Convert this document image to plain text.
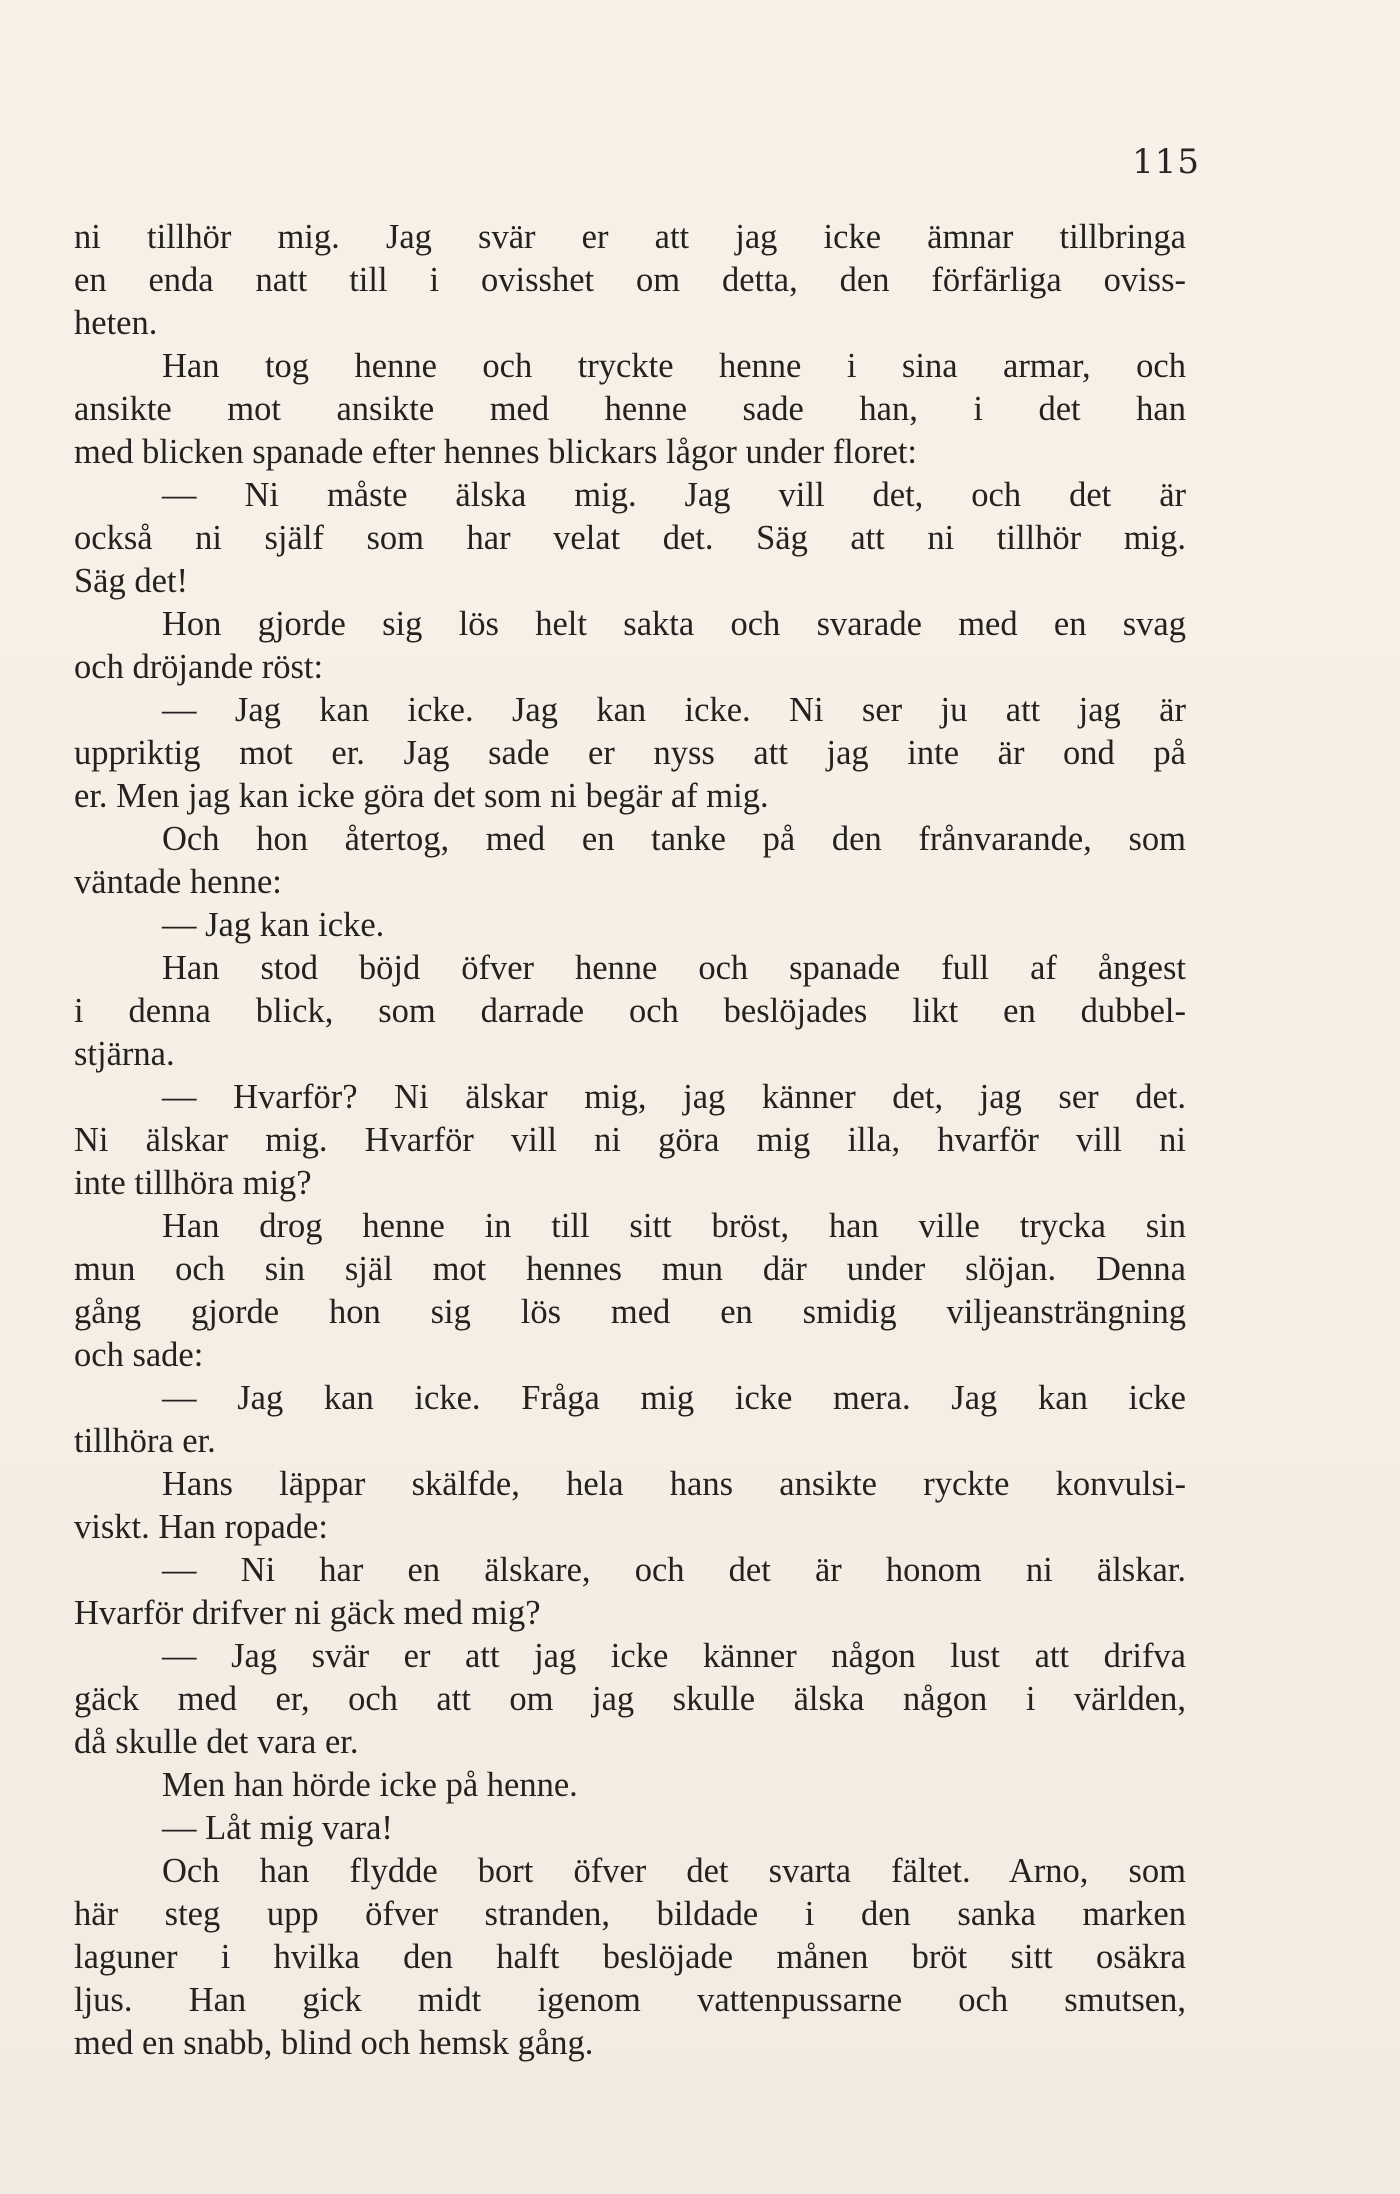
115
ni tillhör mig. Jag svär er att jag icke ämnar tillbringa
en enda natt till i ovisshet om detta, den förfärliga oviss-
heten.
Han tog henne och tryckte henne i sina armar, och
ansikte mot ansikte med henne sade han, i det han
med blicken spanade efter hennes blickars lågor under floret:
— Ni måste älska mig. Jag vill det, och det är
också ni själf som har velat det. Säg att ni tillhör mig.
Säg det!
Hon gjorde sig lös helt sakta och svarade med en svag
och dröjande röst:
— Jag kan icke. Jag kan icke. Ni ser ju att jag är
uppriktig mot er. Jag sade er nyss att jag inte är ond på
er. Men jag kan icke göra det som ni begär af mig.
Och hon återtog, med en tanke på den frånvarande, som
väntade henne:
— Jag kan icke.
Han stod böjd öfver henne och spanade full af ångest
i denna blick, som darrade och beslöjades likt en dubbel-
stjärna.
— Hvarför? Ni älskar mig, jag känner det, jag ser det.
Ni älskar mig. Hvarför vill ni göra mig illa, hvarför vill ni
inte tillhöra mig?
Han drog henne in till sitt bröst, han ville trycka sin
mun och sin själ mot hennes mun där under slöjan. Denna
gång gjorde hon sig lös med en smidig viljeansträngning
och sade:
— Jag kan icke. Fråga mig icke mera. Jag kan icke
tillhöra er.
Hans läppar skälfde, hela hans ansikte ryckte konvulsi-
viskt. Han ropade:
— Ni har en älskare, och det är honom ni älskar.
Hvarför drifver ni gäck med mig?
— Jag svär er att jag icke känner någon lust att drifva
gäck med er, och att om jag skulle älska någon i världen,
då skulle det vara er.
Men han hörde icke på henne.
— Låt mig vara!
Och han flydde bort öfver det svarta fältet. Arno, som
här steg upp öfver stranden, bildade i den sanka marken
laguner i hvilka den halft beslöjade månen bröt sitt osäkra
ljus. Han gick midt igenom vattenpussarne och smutsen,
med en snabb, blind och hemsk gång.
